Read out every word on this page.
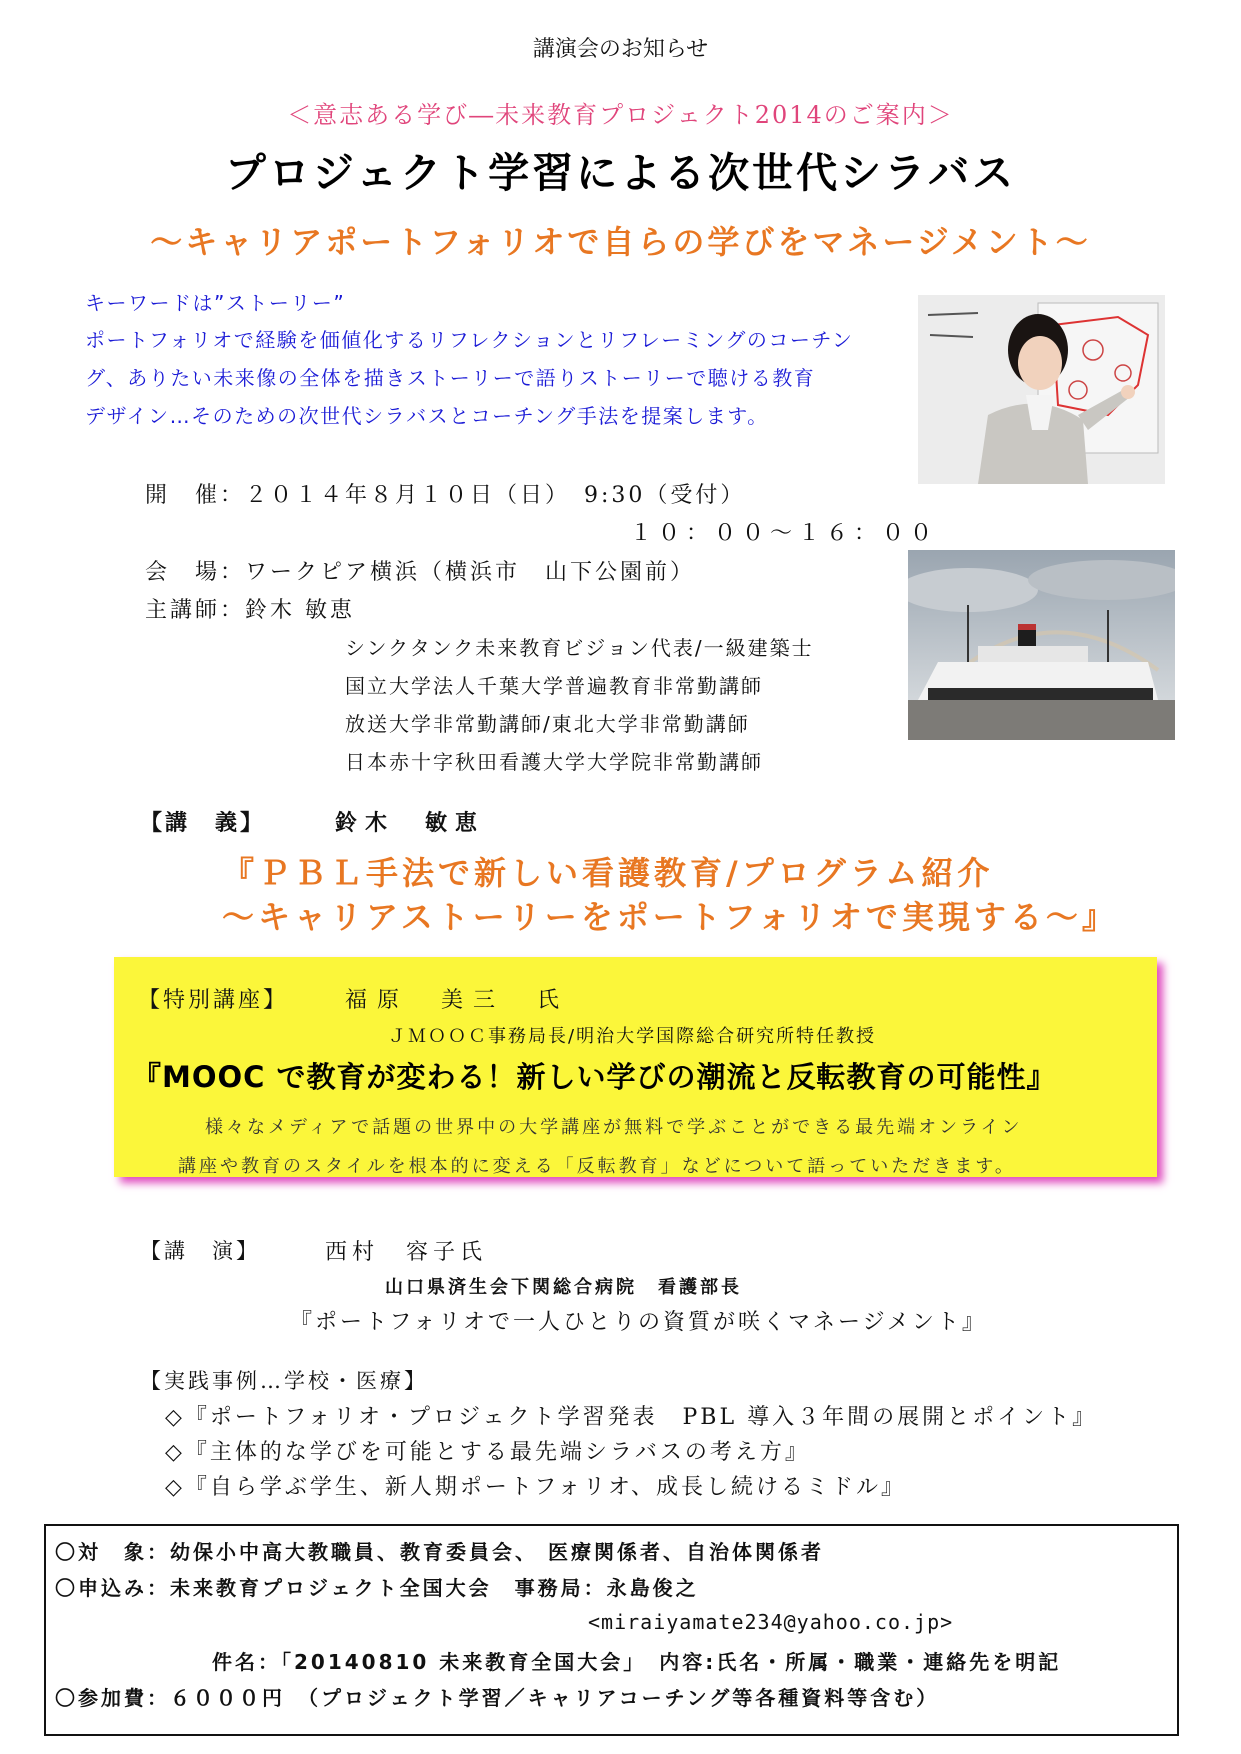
講演会のお知らせ
＜意志ある学び―未来教育プロジェクト2014のご案内＞
プロジェクト学習による次世代シラバス
～キャリアポートフォリオで自らの学びをマネージメント～
キーワードは”ストーリー”
ポートフォリオで経験を価値化するリフレクションとリフレーミングのコーチン
グ、ありたい未来像の全体を描きストーリーで語りストーリーで聴ける教育
デザイン…そのための次世代シラバスとコーチング手法を提案します。
開　催：２０１４年８月１０日（日）　9:30（受付）
１０：００～１６：００
会　場：ワークピア横浜（横浜市　山下公園前）
主講師：鈴木 敏恵
シンクタンク未来教育ビジョン代表/一級建築士
国立大学法人千葉大学普遍教育非常勤講師
放送大学非常勤講師/東北大学非常勤講師
日本赤十字秋田看護大学大学院非常勤講師
【講　義】	鈴木　敏恵
『ＰＢＬ手法で新しい看護教育/プログラム紹介
～キャリアストーリーをポートフォリオで実現する～』
【特別講座】	福原　美三　氏
ＪＭＯＯＣ事務局長/明治大学国際総合研究所特任教授
『MOOC で教育が変わる！新しい学びの潮流と反転教育の可能性』
様々なメディアで話題の世界中の大学講座が無料で学ぶことができる最先端オンライン
講座や教育のスタイルを根本的に変える「反転教育」などについて語っていただきます。
【講　演】	西村　容子氏
山口県済生会下関総合病院　看護部長
『ポートフォリオで一人ひとりの資質が咲くマネージメント』
【実践事例…学校・医療】
◇『ポートフォリオ・プロジェクト学習発表　PBL 導入３年間の展開とポイント』
◇『主体的な学びを可能とする最先端シラバスの考え方』
◇『自ら学ぶ学生、新人期ポートフォリオ、成長し続けるミドル』
〇対　象：幼保小中高大教職員、教育委員会、 医療関係者、自治体関係者
〇申込み：未来教育プロジェクト全国大会　事務局：永島俊之
<miraiyamate234@yahoo.co.jp>
件名：「20140810 未来教育全国大会」　内容:氏名・所属・職業・連絡先を明記
〇参加費：６０００円　（プロジェクト学習／キャリアコーチング等各種資料等含む）
